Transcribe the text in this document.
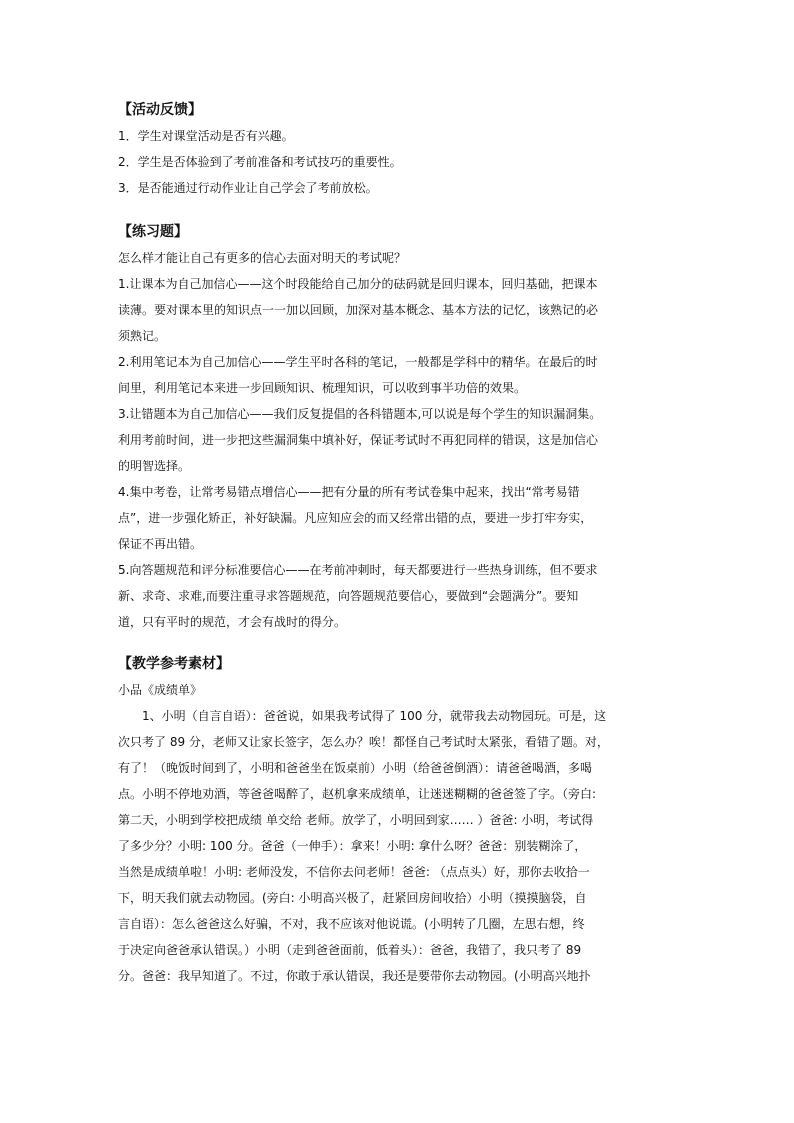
【活动反馈】
1．学生对课堂活动是否有兴趣。
2．学生是否体验到了考前准备和考试技巧的重要性。
3．是否能通过行动作业让自己学会了考前放松。
【练习题】
怎么样才能让自己有更多的信心去面对明天的考试呢？
1.让课本为自己加信心——这个时段能给自己加分的砝码就是回归课本，回归基础，把课本
读薄。要对课本里的知识点一一加以回顾，加深对基本概念、基本方法的记忆，该熟记的必
须熟记。
2.利用笔记本为自己加信心——学生平时各科的笔记，一般都是学科中的精华。在最后的时
间里，利用笔记本来进一步回顾知识、梳理知识，可以收到事半功倍的效果。
3.让错题本为自己加信心——我们反复提倡的各科错题本,可以说是每个学生的知识漏洞集。
利用考前时间，进一步把这些漏洞集中填补好，保证考试时不再犯同样的错误，这是加信心
的明智选择。
4.集中考卷，让常考易错点增信心——把有分量的所有考试卷集中起来，找出“常考易错
点”，进一步强化矫正，补好缺漏。凡应知应会的而又经常出错的点，要进一步打牢夯实，
保证不再出错。
5.向答题规范和评分标准要信心——在考前冲刺时，每天都要进行一些热身训练，但不要求
新、求奇、求难,而要注重寻求答题规范，向答题规范要信心，要做到“会题满分”。要知
道，只有平时的规范，才会有战时的得分。
【教学参考素材】
小品《成绩单》
1、小明（自言自语）：爸爸说，如果我考试得了 100 分，就带我去动物园玩。可是，这
次只考了 89 分，老师又让家长签字，怎么办？唉！都怪自己考试时太紧张，看错了题。对，
有了！（晚饭时间到了，小明和爸爸坐在饭桌前）小明（给爸爸倒酒）：请爸爸喝酒，多喝
点。小明不停地劝酒，等爸爸喝醉了，赵机拿来成绩单，让迷迷糊糊的爸爸签了字。（旁白:
第二天，小明到学校把成绩 单交给 老师。放学了，小明回到家…… ）爸爸: 小明，考试得
了多少分？小明: 100 分。爸爸（一伸手）：拿来！小明: 拿什么呀？爸爸：别装糊涂了，
当然是成绩单啦！小明: 老师没发，不信你去问老师！爸爸: （点点头）好，那你去收拾一
下，明天我们就去动物园。(旁白: 小明高兴极了，赶紧回房间收拾）小明（摸摸脑袋，自
言自语）：怎么爸爸这么好骗，不对，我不应该对他说谎。(小明转了几圈，左思右想，终
于决定向爸爸承认错误。）小明（走到爸爸面前，低着头）：爸爸，我错了，我只考了 89
分。爸爸：我早知道了。不过，你敢于承认错误，我还是要带你去动物园。(小明高兴地扑
